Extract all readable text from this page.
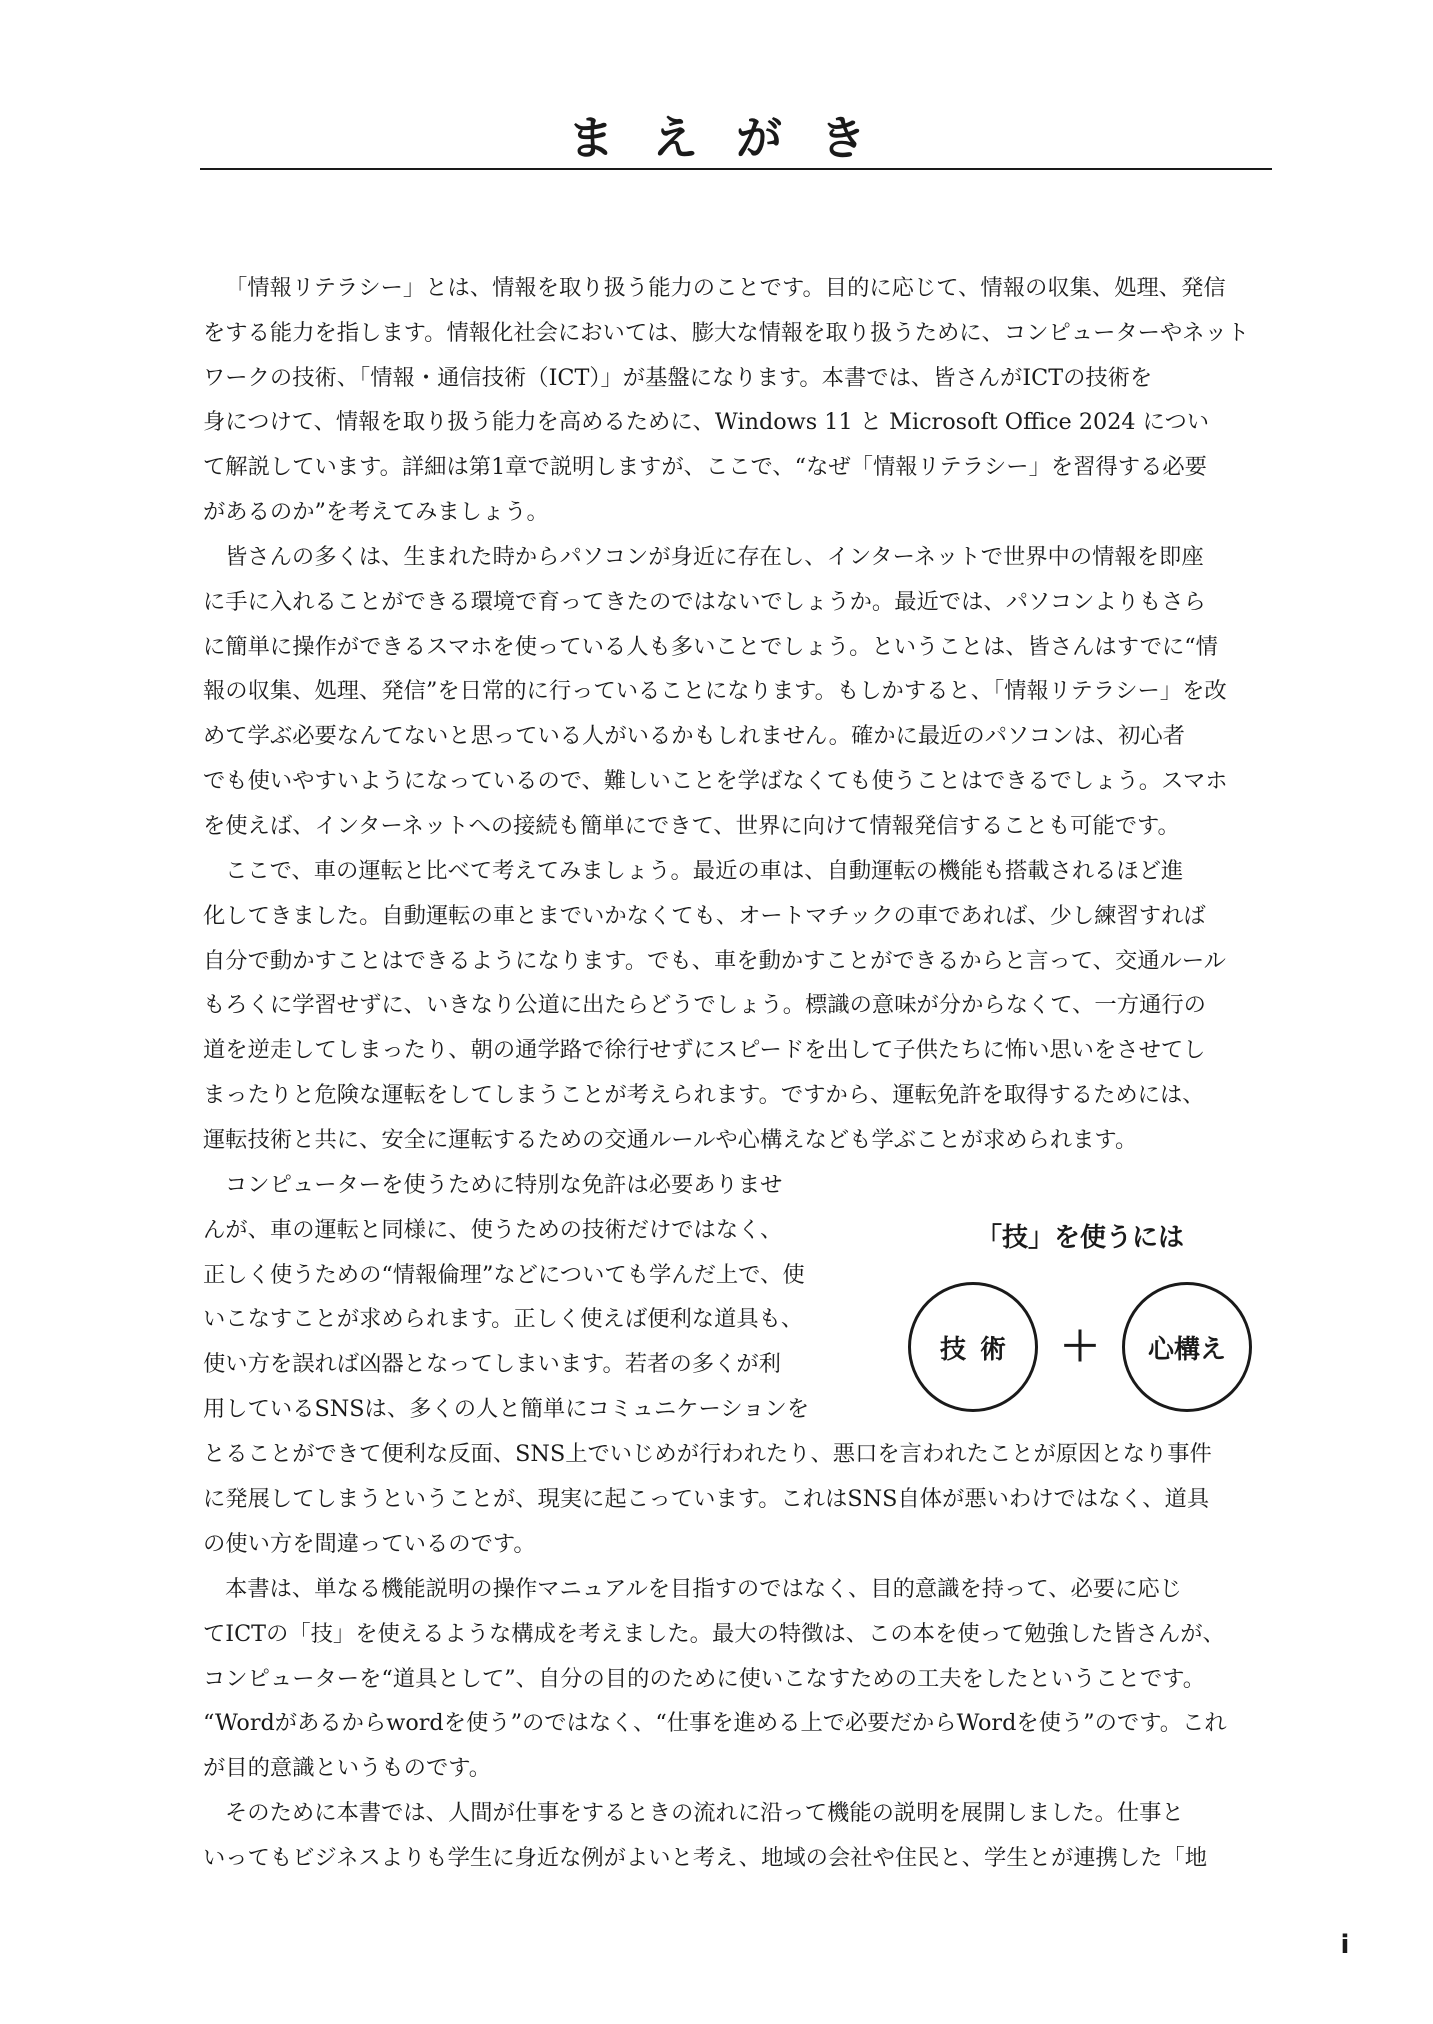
まえがき

「情報リテラシー」とは、情報を取り扱う能力のことです。目的に応じて、情報の収集、処理、発信
をする能力を指します。情報化社会においては、膨大な情報を取り扱うために、コンピューターやネット
ワークの技術、「情報・通信技術（ICT）」が基盤になります。本書では、皆さんがICTの技術を
身につけて、情報を取り扱う能力を高めるために、Windows 11 と Microsoft Office 2024 につい
て解説しています。詳細は第1章で説明しますが、ここで、“なぜ「情報リテラシー」を習得する必要
があるのか”を考えてみましょう。

皆さんの多くは、生まれた時からパソコンが身近に存在し、インターネットで世界中の情報を即座
に手に入れることができる環境で育ってきたのではないでしょうか。最近では、パソコンよりもさら
に簡単に操作ができるスマホを使っている人も多いことでしょう。ということは、皆さんはすでに“情
報の収集、処理、発信”を日常的に行っていることになります。もしかすると、「情報リテラシー」を改
めて学ぶ必要なんてないと思っている人がいるかもしれません。確かに最近のパソコンは、初心者
でも使いやすいようになっているので、難しいことを学ばなくても使うことはできるでしょう。スマホ
を使えば、インターネットへの接続も簡単にできて、世界に向けて情報発信することも可能です。

ここで、車の運転と比べて考えてみましょう。最近の車は、自動運転の機能も搭載されるほど進
化してきました。自動運転の車とまでいかなくても、オートマチックの車であれば、少し練習すれば
自分で動かすことはできるようになります。でも、車を動かすことができるからと言って、交通ルール
もろくに学習せずに、いきなり公道に出たらどうでしょう。標識の意味が分からなくて、一方通行の
道を逆走してしまったり、朝の通学路で徐行せずにスピードを出して子供たちに怖い思いをさせてし
まったりと危険な運転をしてしまうことが考えられます。ですから、運転免許を取得するためには、
運転技術と共に、安全に運転するための交通ルールや心構えなども学ぶことが求められます。

コンピューターを使うために特別な免許は必要ありませ
んが、車の運転と同様に、使うための技術だけではなく、
正しく使うための“情報倫理”などについても学んだ上で、使
いこなすことが求められます。正しく使えば便利な道具も、
使い方を誤れば凶器となってしまいます。若者の多くが利
用しているSNSは、多くの人と簡単にコミュニケーションを

「技」を使うには
技術	＋	心構え

とることができて便利な反面、SNS上でいじめが行われたり、悪口を言われたことが原因となり事件
に発展してしまうということが、現実に起こっています。これはSNS自体が悪いわけではなく、道具
の使い方を間違っているのです。

本書は、単なる機能説明の操作マニュアルを目指すのではなく、目的意識を持って、必要に応じ
てICTの「技」を使えるような構成を考えました。最大の特徴は、この本を使って勉強した皆さんが、
コンピューターを“道具として”、自分の目的のために使いこなすための工夫をしたということです。
“Wordがあるからwordを使う”のではなく、“仕事を進める上で必要だからWordを使う”のです。これ
が目的意識というものです。

そのために本書では、人間が仕事をするときの流れに沿って機能の説明を展開しました。仕事と
いってもビジネスよりも学生に身近な例がよいと考え、地域の会社や住民と、学生とが連携した「地

i
